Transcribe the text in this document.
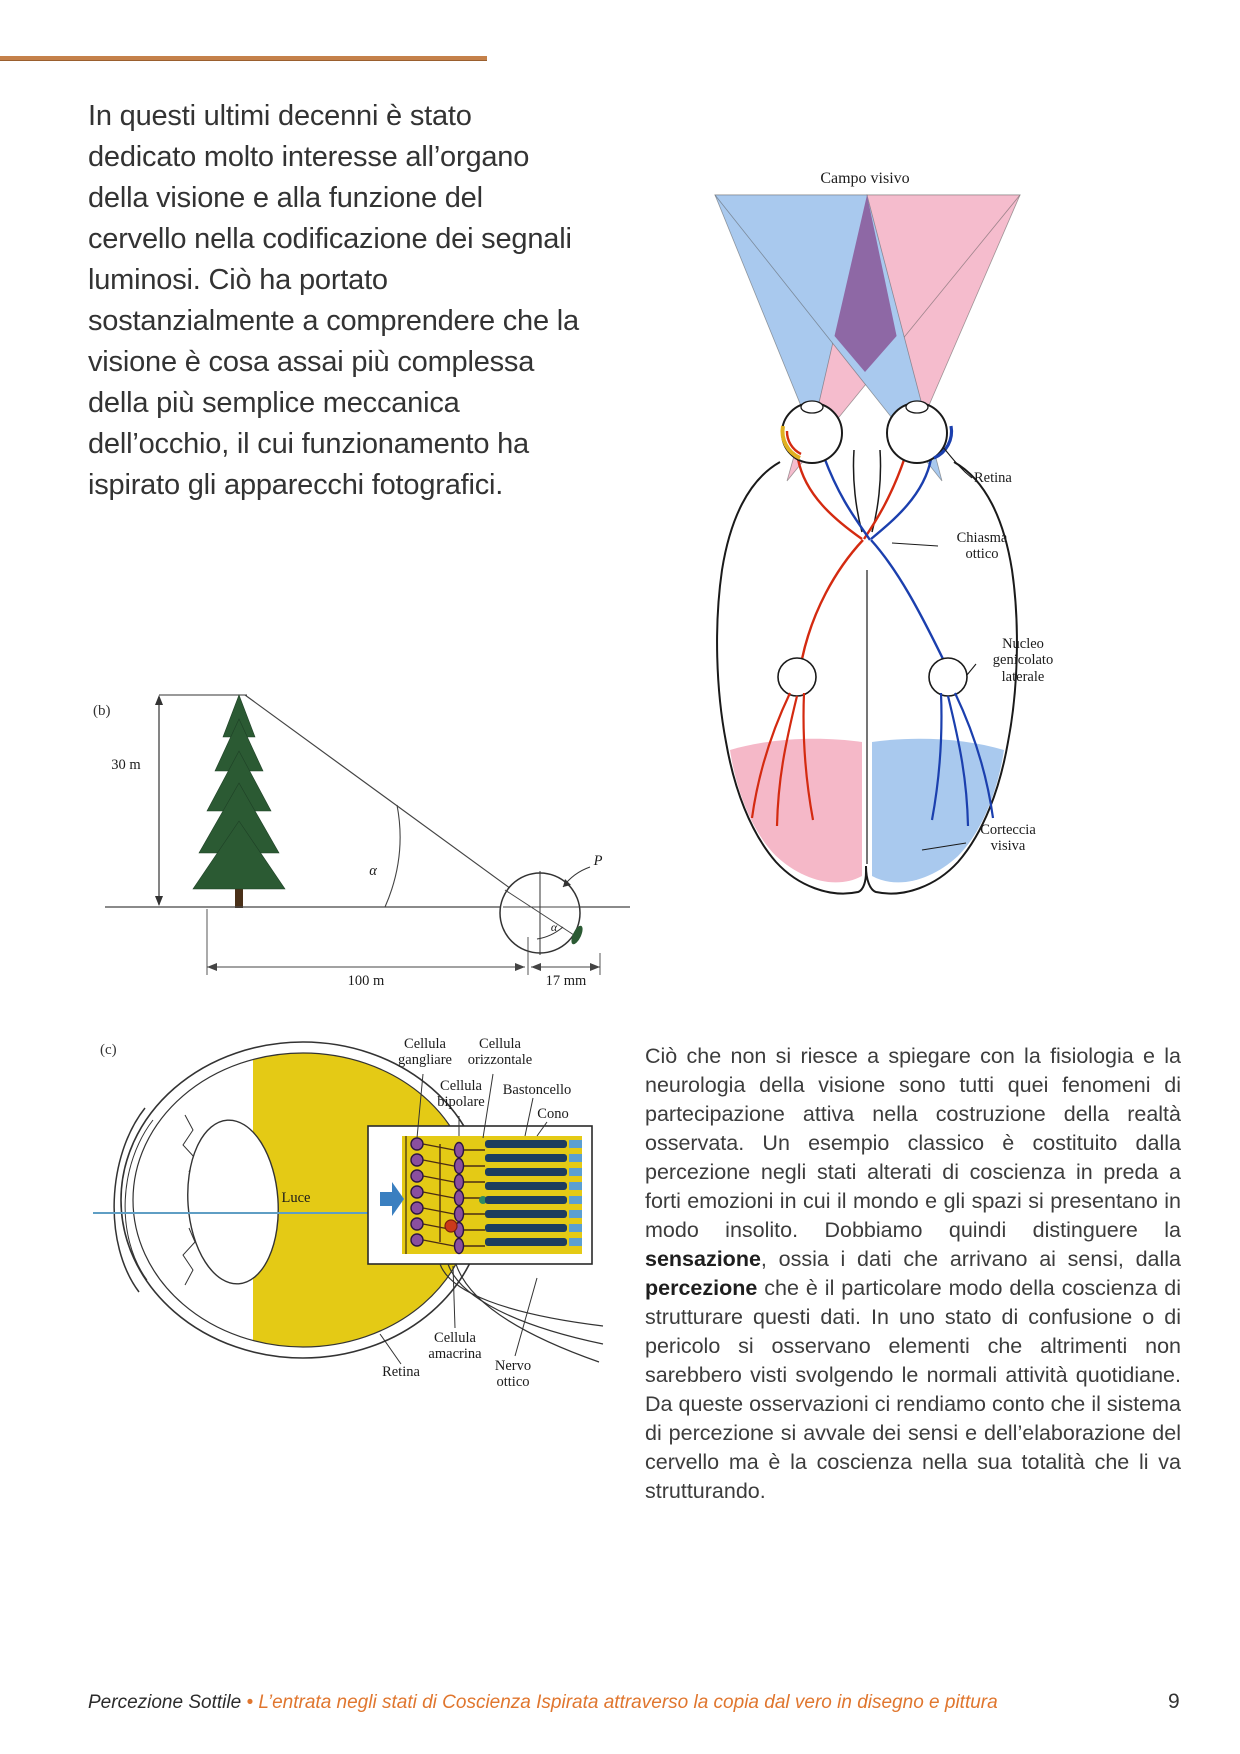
In questi ultimi decenni è stato dedicato molto interesse all’organo della visione e alla funzione del cervello nella codificazione dei segnali luminosi. Ciò ha portato sostanzialmente a comprendere che la visione è cosa assai più complessa della più semplice meccanica dell’occhio, il cui funzionamento ha ispirato gli apparecchi fotografici.
Campo visivo
Retina
Chiasma ottico
Nucleo genicolato laterale
Corteccia visiva
(b)
30 m
α
α
P
100 m	17 mm
(c)	Cellula gangliare
Cellula orizzontale
Cellula bipolare
Bastoncello
Cono
Luce
Cellula amacrina
Retina	Nervo ottico
Ciò che non si riesce a spiegare con la fisiologia e la neurologia della visione sono tutti quei fenomeni di partecipazione attiva nella costruzione della realtà osservata. Un esempio classico è costituito dalla percezione negli stati alterati di coscienza in preda a forti emozioni in cui il mondo e gli spazi si presentano in modo insolito. Dobbiamo quindi distinguere la sensazione, ossia i dati che arrivano ai sensi, dalla percezione che è il particolare modo della coscienza di strutturare questi dati. In uno stato di confusione o di pericolo si osservano elementi che altrimenti non sarebbero visti svolgendo le normali attività quotidiane. Da queste osservazioni ci rendiamo conto che il sistema di percezione si avvale dei sensi e dell’elaborazione del cervello ma è la coscienza nella sua totalità che li va strutturando.
Percezione Sottile • L’entrata negli stati di Coscienza Ispirata attraverso la copia dal vero in disegno e pittura	9
